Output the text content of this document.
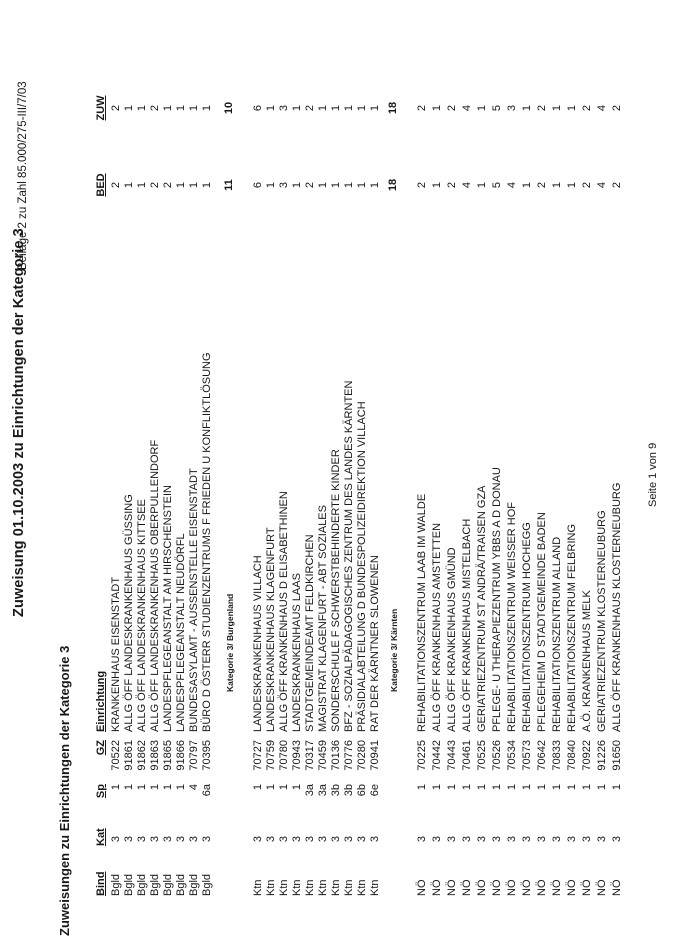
Zuweisung 01.10.2003 zu Einrichtungen der Kategorie 3
Beilage 2 zu Zahl 85.000/275-III/7/03
Zuweisungen zu Einrichtungen der Kategorie 3 Bind
Kat
Sp
GZ
Einrichtung
BED
ZUW
Bgld
3
1
70522
KRANKENHAUS EISENSTADT
2
2
Bgld
3
1
91861
ALLG ÖFF LANDESKRANKENHAUS GÜSSING
1
1
Bgld
3
1
91862
ALLG ÖFF LANDESKRANKENHAUS KITTSEE
1
1
Bgld
3
1
91863
ALLG ÖFF LANDESKRANKENHAUS OBERPULLENDORF
2
2
Bgld
3
1
91865
LANDESPFLEGEANSTALT AM HIRSCHENSTEIN
2
1
Bgld
3
1
91866
LANDESPFLEGEANSTALT NEUDÖRFL
1
1
Bgld
3
4
70797
BUNDESASYLAMT - AUSSENSTELLE EISENSTADT
1
1
Bgld
3
6a
70395
BÜRO D ÖSTERR STUDIENZENTRUMS F FRIEDEN U KONFLIKTLÖSUNG
1
1
Kategorie 3/ Burgenland
11
10
Ktn
3
1
70727
LANDESKRANKENHAUS VILLACH
6
6
Ktn
3
1
70759
LANDESKRANKENHAUS KLAGENFURT
1
1
Ktn
3
1
70780
ALLG ÖFF KRANKENHAUS D ELISABETHINEN
3
3
Ktn
3
1
70943
LANDESKRANKENHAUS LAAS
1
1
Ktn
3
3a
70317
STADTGEMEINDEAMT FELDKIRCHEN
2
2
Ktn
3
3a
70459
MAGISTRAT KLAGENFURT - ABT SOZIALES
1
1
Ktn
3
3b
70136
SONDERSCHULE F SCHWERSTBEHINDERTE KINDER
1
1
Ktn
3
3b
70776
BFZ - SOZIALPÄDAGOGISCHES ZENTRUM DES LANDES KÄRNTEN
1
1
Ktn
3
6b
70280
PRÄSIDIALABTEILUNG D BUNDESPOLIZEIDIREKTION VILLACH
1
1
Ktn
3
6e
70941
RAT DER KÄRNTNER SLOWENEN
1
1
Kategorie 3/ Kärnten
18
18
NÖ
3
1
70225
REHABILITATIONSZENTRUM LAAB IM WALDE
2
2
NÖ
3
1
70442
ALLG ÖFF KRANKENHAUS AMSTETTEN
1
1
NÖ
3
1
70443
ALLG ÖFF KRANKENHAUS GMÜND
2
2
NÖ
3
1
70461
ALLG ÖFF KRANKENHAUS MISTELBACH
4
4
NÖ
3
1
70525
GERIATRIEZENTRUM ST ANDRÄ/TRAISEN GZA
1
1
NÖ
3
1
70526
PFLEGE- U THERAPIEZENTRUM YBBS A D DONAU
5
5
NÖ
3
1
70534
REHABILITATIONSZENTRUM WEISSER HOF
4
3
NÖ
3
1
70573
REHABILITATIONSZENTRUM HOCHEGG
1
1
NÖ
3
1
70642
PFLEGEHEIM D STADTGEMEINDE BADEN
2
2
NÖ
3
1
70833
REHABILITATIONSZENTRUM ALLAND
1
1
NÖ
3
1
70840
REHABILITATIONSZENTRUM FELBRING
1
1
NÖ
3
1
70922
A.Ö. KRANKENHAUS MELK
2
2
NÖ
3
1
91226
GERIATRIEZENTRUM KLOSTERNEUBURG
4
4
NÖ
3
1
91650
ALLG ÖFF KRANKENHAUS KLOSTERNEUBURG
2
2
Seite 1 von 9
